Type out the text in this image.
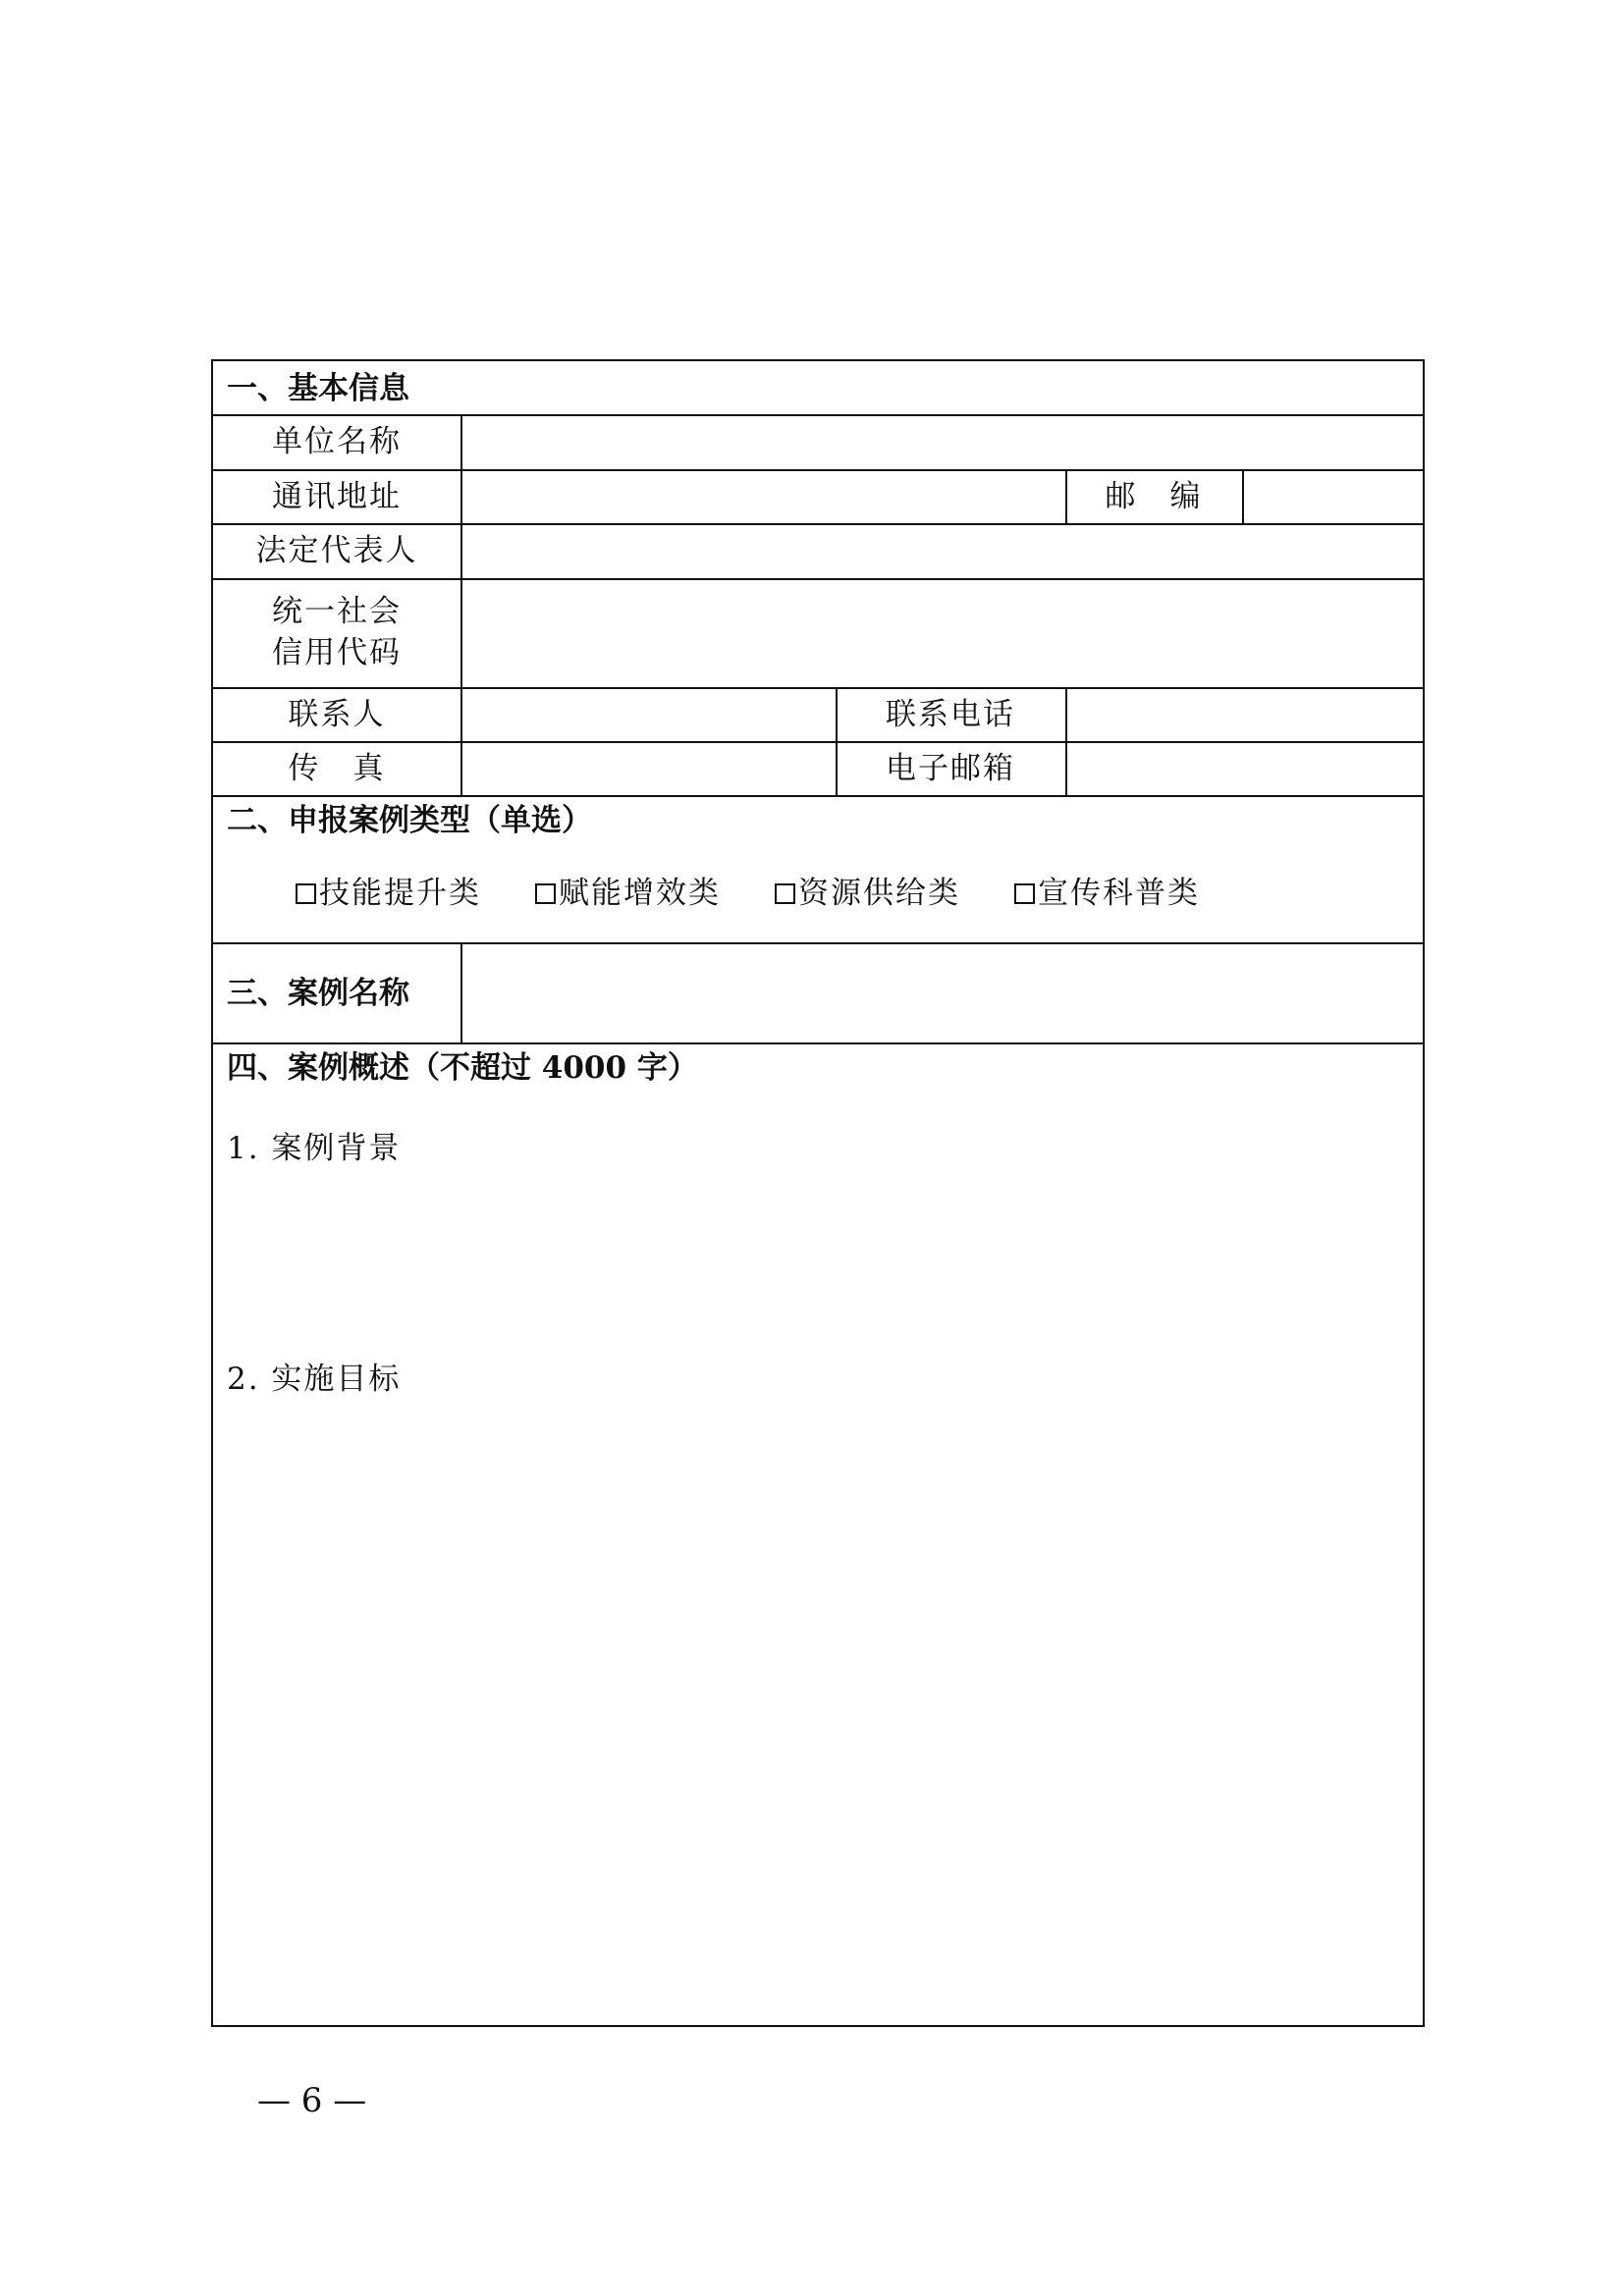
一、基本信息
单位名称
通讯地址	邮　编
法定代表人
统一社会
信用代码
联系人	联系电话
传　真	电子邮箱
二、申报案例类型（单选）
技能提升类	赋能增效类	资源供给类	宣传科普类
三、案例名称
四、案例概述（不超过 4000 字）
1. 案例背景
2. 实施目标
— 6 —
